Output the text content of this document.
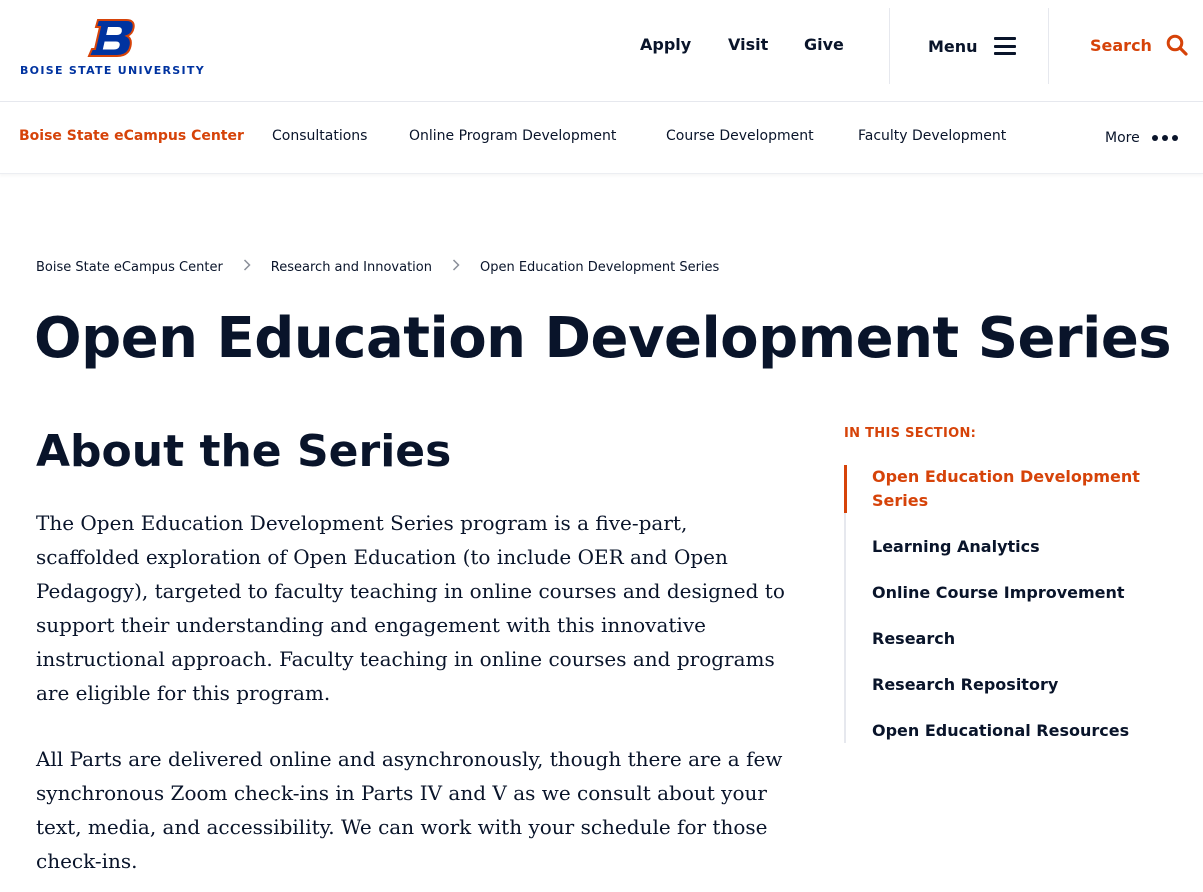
BOISE STATE UNIVERSITY
Apply Visit Give	Menu	Search
Boise State eCampus Center Consultations	Online Program Development	Course Development	Faculty Development	More
Boise State eCampus Center	Research and Innovation	Open Education Development Series
Open Education Development Series
About the Series

The Open Education Development Series program is a five-part, scaffolded exploration of Open Education (to include OER and Open Pedagogy), targeted to faculty teaching in online courses and designed to support their understanding and engagement with this innovative instructional approach. Faculty teaching in online courses and programs are eligible for this program.

All Parts are delivered online and asynchronously, though there are a few synchronous Zoom check-ins in Parts IV and V as we consult about your text, media, and accessibility. We can work with your schedule for those check-ins.

IN THIS SECTION:
Open Education Development Series
Learning Analytics
Online Course Improvement
Research
Research Repository
Open Educational Resources
